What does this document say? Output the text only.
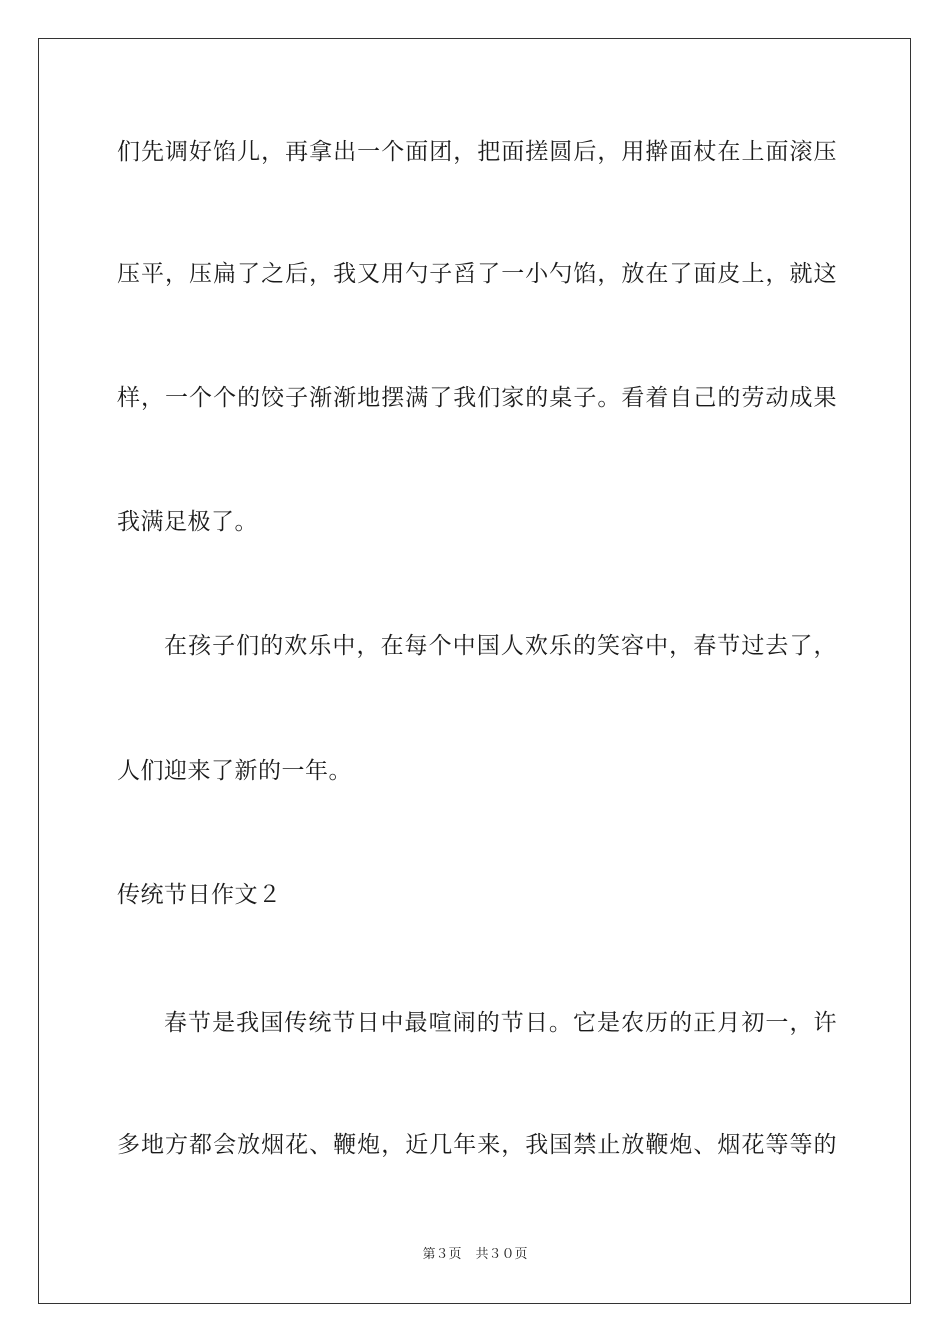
们先调好馅儿，再拿出一个面团，把面搓圆后，用擀面杖在上面滚压
压平，压扁了之后，我又用勺子舀了一小勺馅，放在了面皮上，就这
样，一个个的饺子渐渐地摆满了我们家的桌子。看着自己的劳动成果
我满足极了。
在孩子们的欢乐中，在每个中国人欢乐的笑容中，春节过去了，
人们迎来了新的一年。
传统节日作文２
春节是我国传统节日中最喧闹的节日。它是农历的正月初一，许
多地方都会放烟花、鞭炮，近几年来，我国禁止放鞭炮、烟花等等的
第３页 共３０页
